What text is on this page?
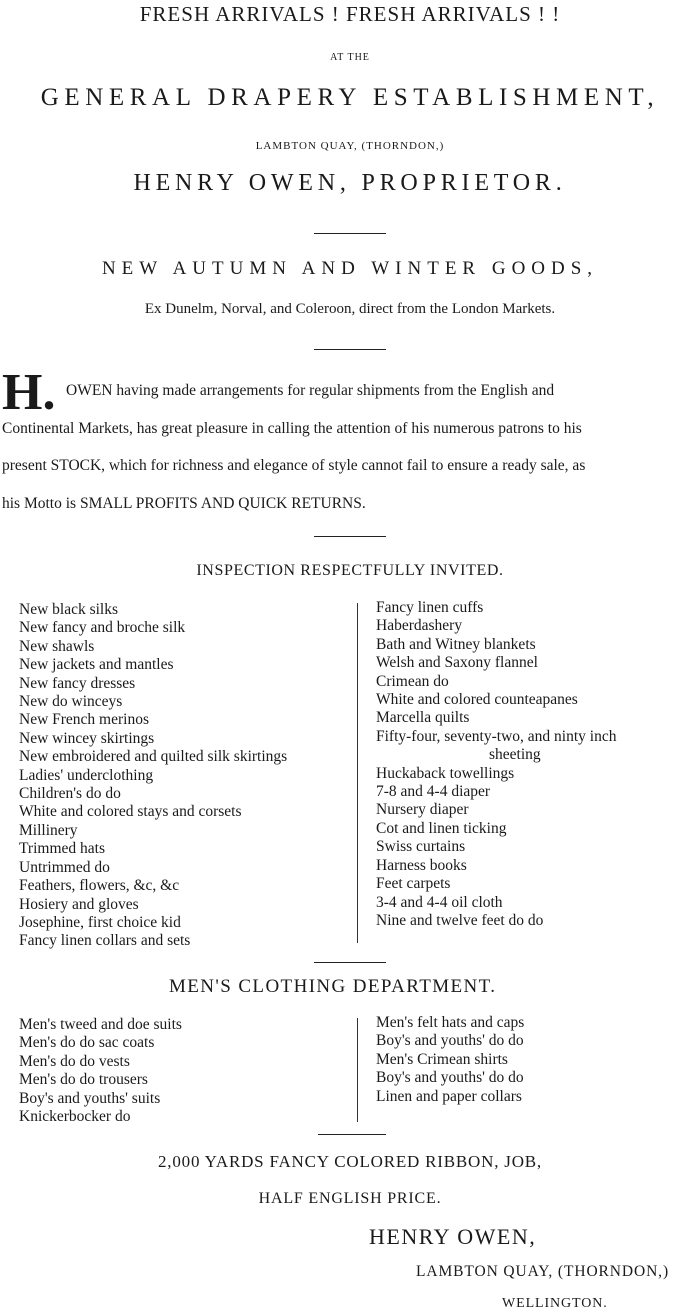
FRESH ARRIVALS ! FRESH ARRIVALS ! !
AT THE
GENERAL DRAPERY ESTABLISHMENT,
LAMBTON QUAY, (THORNDON,)
HENRY OWEN, PROPRIETOR.
NEW AUTUMN AND WINTER GOODS,
Ex Dunelm, Norval, and Coleroon, direct from the London Markets.
H. OWEN having made arrangements for regular shipments from the English and
Continental Markets, has great pleasure in calling the attention of his numerous patrons to his
present STOCK, which for richness and elegance of style cannot fail to ensure a ready sale, as
his Motto is SMALL PROFITS AND QUICK RETURNS.
INSPECTION RESPECTFULLY INVITED.
New black silks
New fancy and broche silk
New shawls
New jackets and mantles
New fancy dresses
New do winceys
New French merinos
New wincey skirtings
New embroidered and quilted silk skirtings
Ladies' underclothing
Children's do do
White and colored stays and corsets
Millinery
Trimmed hats
Untrimmed do
Feathers, flowers, &c, &c
Hosiery and gloves
Josephine, first choice kid
Fancy linen collars and sets
Fancy linen cuffs
Haberdashery
Bath and Witney blankets
Welsh and Saxony flannel
Crimean do
White and colored counteapanes
Marcella quilts
Fifty-four, seventy-two, and ninty inch
sheeting
Huckaback towellings
7-8 and 4-4 diaper
Nursery diaper
Cot and linen ticking
Swiss curtains
Harness books
Feet carpets
3-4 and 4-4 oil cloth
Nine and twelve feet do do
MEN'S CLOTHING DEPARTMENT.
Men's tweed and doe suits
Men's do do sac coats
Men's do do vests
Men's do do trousers
Boy's and youths' suits
Knickerbocker do
Men's felt hats and caps
Boy's and youths' do do
Men's Crimean shirts
Boy's and youths' do do
Linen and paper collars
2,000 YARDS FANCY COLORED RIBBON, JOB,
HALF ENGLISH PRICE.
HENRY OWEN,
LAMBTON QUAY, (THORNDON,)
WELLINGTON.
